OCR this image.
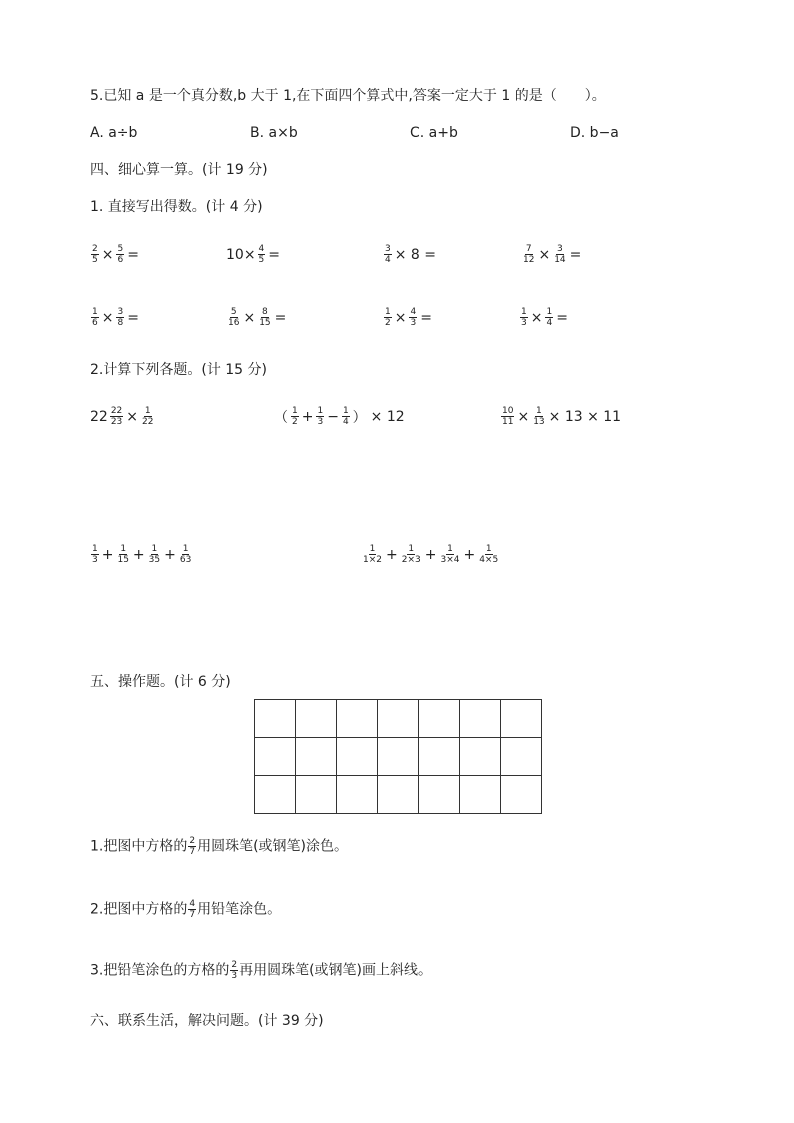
5.已知 a 是一个真分数,b 大于 1,在下面四个算式中,答案一定大于 1 的是（　　）。
A. a÷b	B. a×b	C. a+b	D. b−a
四、细心算一算。(计 19 分)
1. 直接写出得数。(计 4 分)
$\frac{2}{5} \times \frac{5}{6}$ =	$10\times \frac{4}{5}$ =	$\frac{3}{4} \times 8$ =	$\frac{7}{12} \times \frac{3}{14}$ =
$\frac{1}{6} \times \frac{3}{8}$ =	$\frac{5}{16} \times \frac{8}{15}$ =	$\frac{1}{2} \times \frac{4}{3}$ =	$\frac{1}{3} \times \frac{1}{4}$ =
2.计算下列各题。(计 15 分)
$22 \frac{22}{23} \times \frac{1}{22}$	（ $\frac{1}{2} + \frac{1}{3} - \frac{1}{4}$ ） × 12	$\frac{10}{11} \times \frac{1}{13} \times 13 \times 11$
$\frac{1}{3} + \frac{1}{15} + \frac{1}{35} + \frac{1}{63}$	$\frac{1}{1\times 2} + \frac{1}{2\times 3} + \frac{1}{3\times 4} + \frac{1}{4\times 5}$
五、操作题。(计 6 分)

1.把图中方格的 $\frac{2}{7}$ 用圆珠笔(或钢笔)涂色。
2.把图中方格的 $\frac{4}{7}$ 用铅笔涂色。
3.把铅笔涂色的方格的 $\frac{2}{3}$ 再用圆珠笔(或钢笔)画上斜线。
六、联系生活，解决问题。(计 39 分)
